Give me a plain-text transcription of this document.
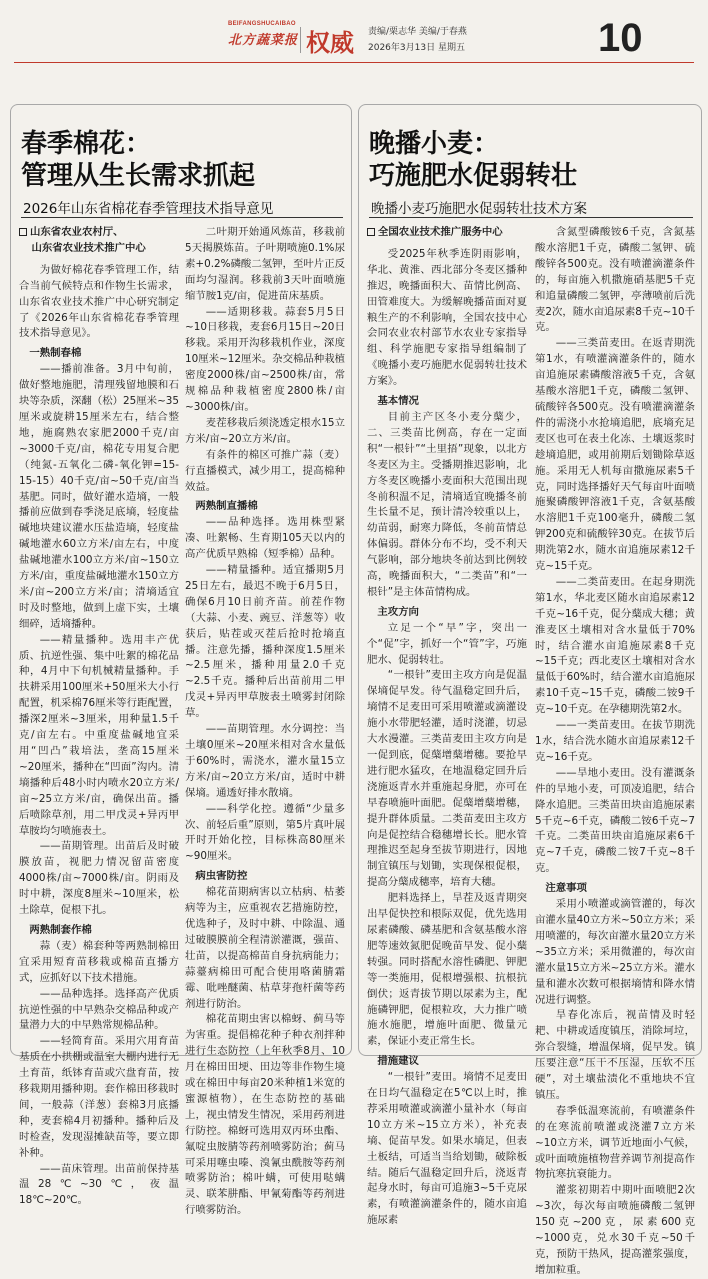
BEIFANGSHUCAIBAO
北方蔬菜报 权威 责编/栗志华 美编/于春燕
2026年3月13日 星期五	10
春季棉花：
管理从生长需求抓起
2026年山东省棉花春季管理技术指导意见

山东省农业农村厅、
山东省农业技术推广中心

为做好棉花春季管理工作，结合当前气候特点和作物生长需求，山东省农业技术推广中心研究制定了《2026年山东省棉花春季管理技术指导意见》。

一熟制春棉

——播前准备。3月中旬前，做好整地施肥，清理残留地膜和石块等杂质，深翻（松）25厘米~35厘米或旋耕15厘米左右，结合整地，施腐熟农家肥2000千克/亩~3000千克/亩，棉花专用复合肥（纯氮-五氧化二磷-氧化钾=15-15-15）40千克/亩~50千克/亩当基肥。同时，做好灌水造墒，一般播前应做到春季浇足底墒，轻度盐碱地块建议灌水压盐造墒，轻度盐碱地灌水60立方米/亩左右，中度盐碱地灌水100立方米/亩~150立方米/亩，重度盐碱地灌水150立方米/亩~200立方米/亩；清墒适宜时及时整地，做到上虚下实，土壤细碎，适墒播种。

——精量播种。选用丰产优质、抗逆性强、集中吐絮的棉花品种，4月中下旬机械精量播种。手扶耕采用100厘米+50厘米大小行配置，机采棉76厘米等行距配置，播深2厘米~3厘米，用种量1.5千克/亩左右。中重度盐碱地宜采用“凹凸”栽培法，垄高15厘米~20厘米，播种在“凹面”沟内。清墒播种后48小时内喷水20立方米/亩~25立方米/亩，确保出苗。播后喷除草剂，用二甲戊灵+异丙甲草胺均匀喷施表土。

——苗期管理。出苗后及时破膜放苗，视肥力情况留苗密度4000株/亩~7000株/亩。阴雨及时中耕，深度8厘米~10厘米，松土除草，促根下扎。

两熟制套作棉

蒜（麦）棉套种等两熟制棉田宜采用短育苗移栽或棉苗直播方式，应抓好以下技术措施。

——品种选择。选择高产优质抗逆性强的中早熟杂交棉品种或产量潜力大的中早熟常规棉品种。

——轻简育苗。采用穴用育苗基质在小拱棚或温室大棚内进行无土育苗，纸钵育苗或穴盘育苗，按移栽期用播种期。套作棉田移栽时间，一般蒜（洋葱）套棉3月底播种，麦套棉4月初播种。播种后及时检查，发现湿摊缺苗等，要立即补种。

——苗床管理。出苗前保持基温28℃~30℃，夜温18℃~20℃。

二叶期开始通风炼苗，移栽前5天揭膜炼苗。子叶期喷施0.1%尿素+0.2%磷酸二氢钾，至叶片正反面均匀湿润。移栽前3天叶面喷施缩节胺1克/亩，促进苗床基质。

——适期移栽。蒜套5月5日~10日移栽，麦套6月15日~20日移栽。采用开沟移栽机作业，深度10厘米~12厘米。杂交棉品种栽植密度2000株/亩~2500株/亩，常规棉品种栽植密度2800株/亩~3000株/亩。

麦茬移栽后须浇透定根水15立方米/亩~20立方米/亩。

有条件的棉区可推广蒜（麦）行直播模式，减少用工，提高棉种效益。

两熟制直播棉

——品种选择。选用株型紧凑、吐絮畅、生育期105天以内的高产优质早熟棉（短季棉）品种。

——精量播种。适宜播期5月25日左右，最迟不晚于6月5日，确保6月10日前齐苗。前茬作物（大蒜、小麦、豌豆、洋葱等）收获后，贴茬或灭茬后抢时抢墒直播。注意先播，播种深度1.5厘米~2.5厘米，播种用量2.0千克~2.5千克。播种后出苗前用二甲戊灵+异丙甲草胺表土喷雾封闭除草。

——苗期管理。水分调控：当土壤0厘米~20厘米相对含水量低于60%时，需浇水，灌水量15立方米/亩~20立方米/亩，适时中耕保墒。通透好排水散墒。

——科学化控。遵循“少量多次、前轻后重”原则，第5片真叶展开时开始化控，目标株高80厘米~90厘米。

病虫害防控

棉花苗期病害以立枯病、枯萎病等为主，应重视农艺措施防控，优选种子，及时中耕、中除温、通过破膜膜前全程清淤灌溉，强苗、壮苗，以提高棉苗自身抗病能力；蒜薹病棉田可配合使用咯菌腈霜霉、吡唑醚菌、枯草芽孢杆菌等药剂进行防治。

棉花苗期虫害以棉蚜、蓟马等为害重。提倡棉花种子种衣剂拌种进行生态防控（上年秋季8月、10月在棉田田埂、田边等非作物生境或在棉田中每亩20米种植1米宽的蜜源植物），在生态防控的基础上，视虫情发生情况，采用药剂进行防控。棉蚜可选用双丙环虫酯、氟啶虫胺腈等药剂喷雾防治；蓟马可采用噻虫嗪、溴氰虫酰胺等药剂喷雾防治；棉叶螨，可使用哒螨灵、联苯肼酯、甲氰菊酯等药剂进行喷雾防治。

晚播小麦：
巧施肥水促弱转壮
晚播小麦巧施肥水促弱转壮技术方案

全国农业技术推广服务中心

受2025年秋季连阴雨影响，华北、黄淮、西北部分冬麦区播种推迟，晚播面积大、苗情比例高、田管难度大。为缓解晚播苗面对夏粮生产的不利影响，全国农技中心会同农业农村部节水农业专家指导组、科学施肥专家指导组编制了《晚播小麦巧施肥水促弱转壮技术方案》。

基本情况

目前主产区冬小麦分蘖少，二、三类苗比例高，存在一定面积“一根针”“土里捂”现象，以北方冬麦区为主。受播期推迟影响，北方冬麦区晚播小麦面积大范围出现冬前积温不足，清墒适宜晚播冬前生长量不足，预计清冷较重以上，幼苗弱，耐寒力降低，冬前苗情总体偏弱。群体分布不均，受不利天气影响，部分地块冬前达到比例较高，晚播面积大，“二类苗”和“一根针”是主体苗情构成。

主攻方向

立足一个“早”字，突出一个“促”字，抓好一个“管”字，巧施肥水、促弱转壮。

“一根针”麦田主攻方向是促温保墒促早发。待气温稳定回升后，墒情不足麦田可采用喷灌或滴灌设施小水带肥轻灌，适时浇灌，切忌大水漫灌。三类苗麦田主攻方向是一促到底，促蘖增蘖增穗。要抢早进行肥水猛攻，在地温稳定回升后浇施返青水并重施起身肥，亦可在早春喷施叶面肥。促蘖增蘖增穗，提升群体质量。二类苗麦田主攻方向是促控结合稳穗增长长。肥水管理推迟至起身至拔节期进行，因地制宜镇压与划锄，实现保根促根，提高分蘖成穗率，培育大穗。

肥料选择上，旱茬及返青期突出早促快控和根际双促，优先选用尿素磷酸、磷基肥和含氨基酸水溶肥等速效氮肥促晚苗早发、促小蘖转强。同时搭配水溶性磷肥、钾肥等一类施用，促根增强根、抗根抗倒伏；返青拔节期以尿素为主，配施磷钾肥，促根粒攻，大力推广喷施水施肥，增施叶面肥、微量元素，保证小麦正常生长。

措施建议

“一根针”麦田。墒情不足麦田在日均气温稳定在5℃以上时，推荐采用喷灌或滴灌小量补水（每亩10立方米~15立方米），补充表墒、促苗早发。如果水墒足，但表土板结，可适当当给划锄，破除板结。随后气温稳定回升后，浇返青起身水时，每亩可追施3~5千克尿素，有喷灌滴灌条件的，随水亩追施尿素

含氮型磷酸铵6千克，含氮基酸水溶肥1千克，磷酸二氢钾、硫酸锌各500克。没有喷灌滴灌条件的，每亩施入机撒施硝基肥5千克和追量磷酸二氢钾，亭薄喷前后洗麦2次，随水亩追尿素8千克~10千克。

——三类苗麦田。在返青期洗第1水，有喷灌滴灌条件的，随水亩追施尿素磷酸溶液5千克，含氨基酸水溶肥1千克，磷酸二氢钾、硫酸锌各500克。没有喷灌滴灌条件的需浇小水抢墒追肥，底墒充足麦区也可在表土化冻、土壤返浆时趁墒追肥，或用前期后划锄除草返施。采用无人机每亩撒施尿素5千克，同时选择播好天气每亩叶面喷施聚磷酸钾溶液1千克，含氨基酸水溶肥1千克100毫升，磷酸二氢钾200克和硫酸锌30克。在拔节后期洗第2水，随水亩追施尿素12千克~15千克。

——二类苗麦田。在起身期洗第1水，华北麦区随水亩追尿素12千克~16千克，促分蘖成大穗；黄淮麦区土壤相对含水量低于70%时，结合灌水亩追施尿素8千克~15千克；西北麦区土壤相对含水量低于60%时，结合灌水亩追施尿素10千克~15千克，磷酸二铵9千克~10千克。在孕穗期洗第2水。

——一类苗麦田。在拔节期洗1水，结合洗水随水亩追尿素12千克~16千克。

——旱地小麦田。没有灌溉条件的旱地小麦，可顶凌追肥，结合降水追肥。三类苗田块亩追施尿素5千克~6千克，磷酸二铵6千克~7千克。二类苗田块亩追施尿素6千克~7千克，磷酸二铵7千克~8千克。

注意事项

采用小喷灌或滴管灌的，每次亩灌水量40立方米~50立方米；采用喷灌的，每次亩灌水量20立方米~35立方米；采用微灌的，每次亩灌水量15立方米~25立方米。灌水量和灌水次数可根据墒情和降水情况进行调整。

旱春化冻后，视苗情及时轻耙、中耕或适度镇压，消除坷垃，弥合裂缝，增温保墒，促早发。镇压要注意“压干不压湿，压软不压硬”，对土壤盐渍化不重地块不宜镇压。

春季低温寒流前，有喷灌条件的在寒流前喷灌或浇灌7立方米~10立方米，调节近地面小气候，或叶面喷施植物营养调节剂提高作物抗寒抗衰能力。

灌浆初期若中期叶面喷肥2次~3次，每次每亩喷施磷酸二氢钾150克~200克，尿素600克~1000克，兑水30千克~50千克，预防干热风，提高灌浆强度，增加粒重。
